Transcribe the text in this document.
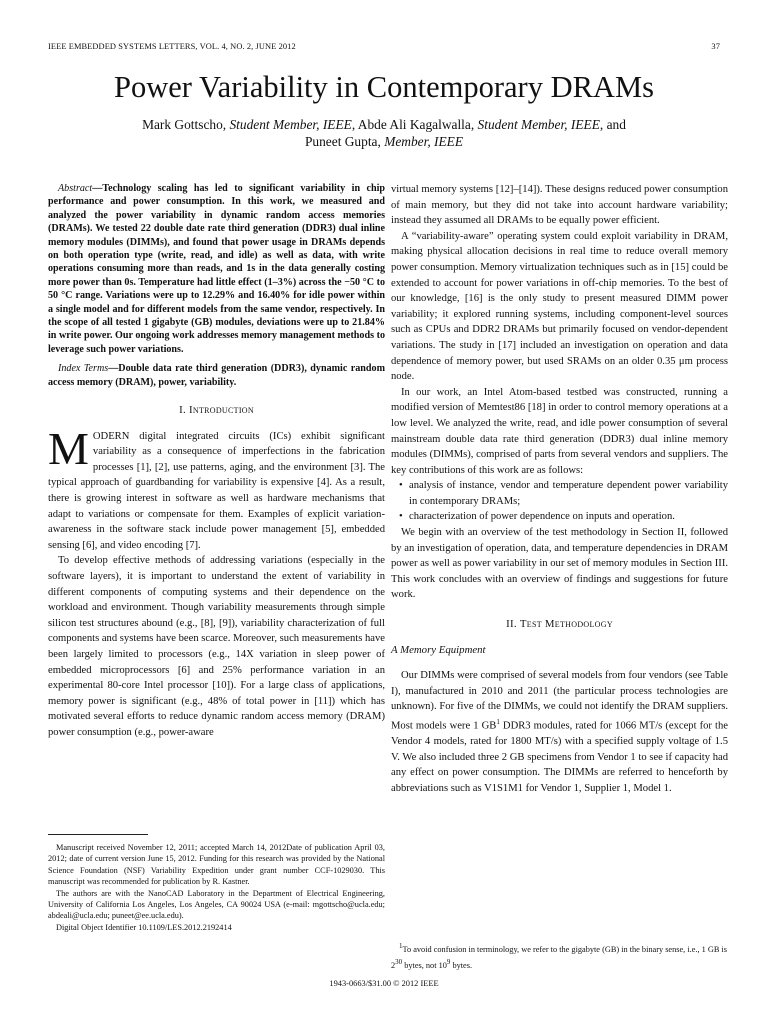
IEEE EMBEDDED SYSTEMS LETTERS, VOL. 4, NO. 2, JUNE 2012	37
Power Variability in Contemporary DRAMs
Mark Gottscho, Student Member, IEEE, Abde Ali Kagalwalla, Student Member, IEEE, and
Puneet Gupta, Member, IEEE

Abstract—Technology scaling has led to significant variability in chip performance and power consumption. In this work, we measured and analyzed the power variability in dynamic random access memories (DRAMs). We tested 22 double date rate third generation (DDR3) dual inline memory modules (DIMMs), and found that power usage in DRAMs depends on both operation type (write, read, and idle) as well as data, with write operations consuming more than reads, and 1s in the data generally costing more power than 0s. Temperature had little effect (1–3%) across the −50 °C to 50 °C range. Variations were up to 12.29% and 16.40% for idle power within a single model and for different models from the same vendor, respectively. In the scope of all tested 1 gigabyte (GB) modules, deviations were up to 21.84% in write power. Our ongoing work addresses memory management methods to leverage such power variations.

Index Terms—Double data rate third generation (DDR3), dynamic random access memory (DRAM), power, variability.

I. Introduction

MODERN digital integrated circuits (ICs) exhibit significant variability as a consequence of imperfections in the fabrication processes [1], [2], use patterns, aging, and the environment [3]. The typical approach of guardbanding for variability is expensive [4]. As a result, there is growing interest in software as well as hardware mechanisms that adapt to variations or compensate for them. Examples of explicit variation-awareness in the software stack include power management [5], embedded sensing [6], and video encoding [7].

To develop effective methods of addressing variations (especially in the software layers), it is important to understand the extent of variability in different components of computing systems and their dependence on the workload and environment. Though variability measurements through simple silicon test structures abound (e.g., [8], [9]), variability characterization of full components and systems have been scarce. Moreover, such measurements have been largely limited to processors (e.g., 14X variation in sleep power of embedded microprocessors [6] and 25% performance variation in an experimental 80-core Intel processor [10]). For a large class of applications, memory power is significant (e.g., 48% of total power in [11]) which has motivated several efforts to reduce dynamic random access memory (DRAM) power consumption (e.g., power-aware

Manuscript received November 12, 2011; accepted March 14, 2012Date of publication April 03, 2012; date of current version June 15, 2012. Funding for this research was provided by the National Science Foundation (NSF) Variability Expedition under grant number CCF-1029030. This manuscript was recommended for publication by R. Kastner.

The authors are with the NanoCAD Laboratory in the Department of Electrical Engineering, University of California Los Angeles, Los Angeles, CA 90024 USA (e-mail: mgottscho@ucla.edu; abdeali@ucla.edu; puneet@ee.ucla.edu).

Digital Object Identifier 10.1109/LES.2012.2192414

virtual memory systems [12]–[14]). These designs reduced power consumption of main memory, but they did not take into account hardware variability; instead they assumed all DRAMs to be equally power efficient.

A “variability-aware” operating system could exploit variability in DRAM, making physical allocation decisions in real time to reduce overall memory power consumption. Memory virtualization techniques such as in [15] could be extended to account for power variations in off-chip memories. To the best of our knowledge, [16] is the only study to present measured DIMM power variability; it explored running systems, including component-level sources such as CPUs and DDR2 DRAMs but primarily focused on vendor-dependent variations. The study in [17] included an investigation on operation and data dependence of memory power, but used SRAMs on an older 0.35 μm process node.

In our work, an Intel Atom-based testbed was constructed, running a modified version of Memtest86 [18] in order to control memory operations at a low level. We analyzed the write, read, and idle power consumption of several mainstream double data rate third generation (DDR3) dual inline memory modules (DIMMs), comprised of parts from several vendors and suppliers. The key contributions of this work are as follows:

• analysis of instance, vendor and temperature dependent power variability in contemporary DRAMs;
• characterization of power dependence on inputs and operation.

We begin with an overview of the test methodology in Section II, followed by an investigation of operation, data, and temperature dependencies in DRAM power as well as power variability in our set of memory modules in Section III. This work concludes with an overview of findings and suggestions for future work.

II. Test Methodology

A Memory Equipment

Our DIMMs were comprised of several models from four vendors (see Table I), manufactured in 2010 and 2011 (the particular process technologies are unknown). For five of the DIMMs, we could not identify the DRAM suppliers. Most models were 1 $GB^1$ DDR3 modules, rated for 1066 MT/s (except for the Vendor 4 models, rated for 1800 MT/s) with a specified supply voltage of 1.5 V. We also included three 2 GB specimens from Vendor 1 to see if capacity had any effect on power consumption. The DIMMs are referred to henceforth by abbreviations such as V1S1M1 for Vendor 1, Supplier 1, Model 1.

$^1$To avoid confusion in terminology, we refer to the gigabyte (GB) in the binary sense, i.e., 1 GB is $2^{30}$ bytes, not $10^9$ bytes.

1943-0663/$31.00 © 2012 IEEE
